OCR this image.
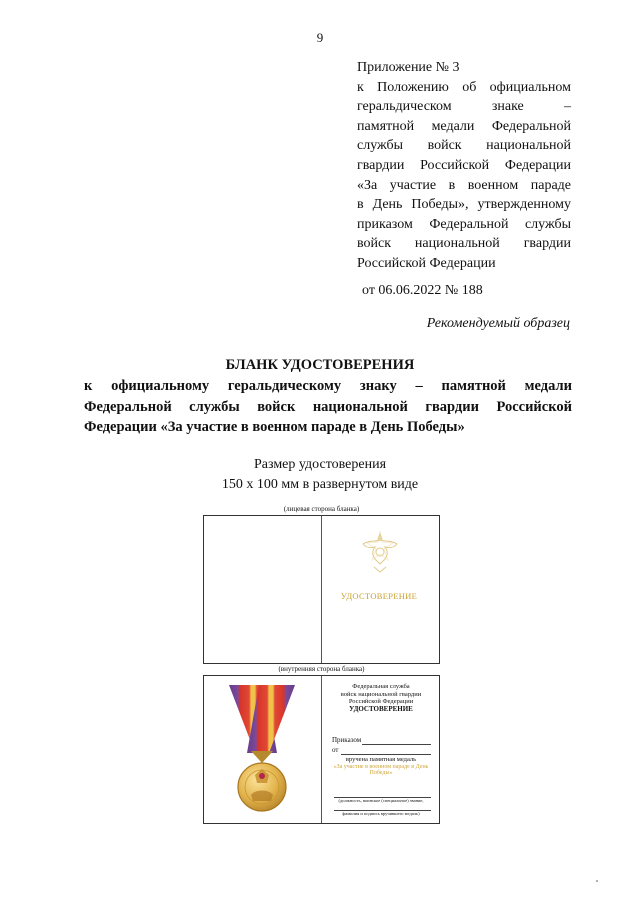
9
Приложение № 3
к Положению об официальном
геральдическом знаке –
памятной медали Федеральной
службы войск национальной
гвардии Российской Федерации
«За участие в военном параде
в День Победы», утвержденному
приказом Федеральной службы
войск национальной гвардии
Российской Федерации
от 06.06.2022 № 188
Рекомендуемый образец
БЛАНК УДОСТОВЕРЕНИЯ
к официальному геральдическому знаку – памятной медали
Федеральной службы войск национальной гвардии Российской
Федерации «За участие в военном параде в День Победы»
Размер удостоверения
150 х 100 мм в развернутом виде
(лицевая сторона бланка)
УДОСТОВЕРЕНИЕ
(внутренняя сторона бланка)
Федеральная служба
войск национальной гвардии
Российской Федерации
УДОСТОВЕРЕНИЕ
Приказом
от
вручена памятная медаль
«За участие в военном параде в День Победы»
(должность, воинское (специальное) звание,
фамилия и подпись вручившего медаль)
